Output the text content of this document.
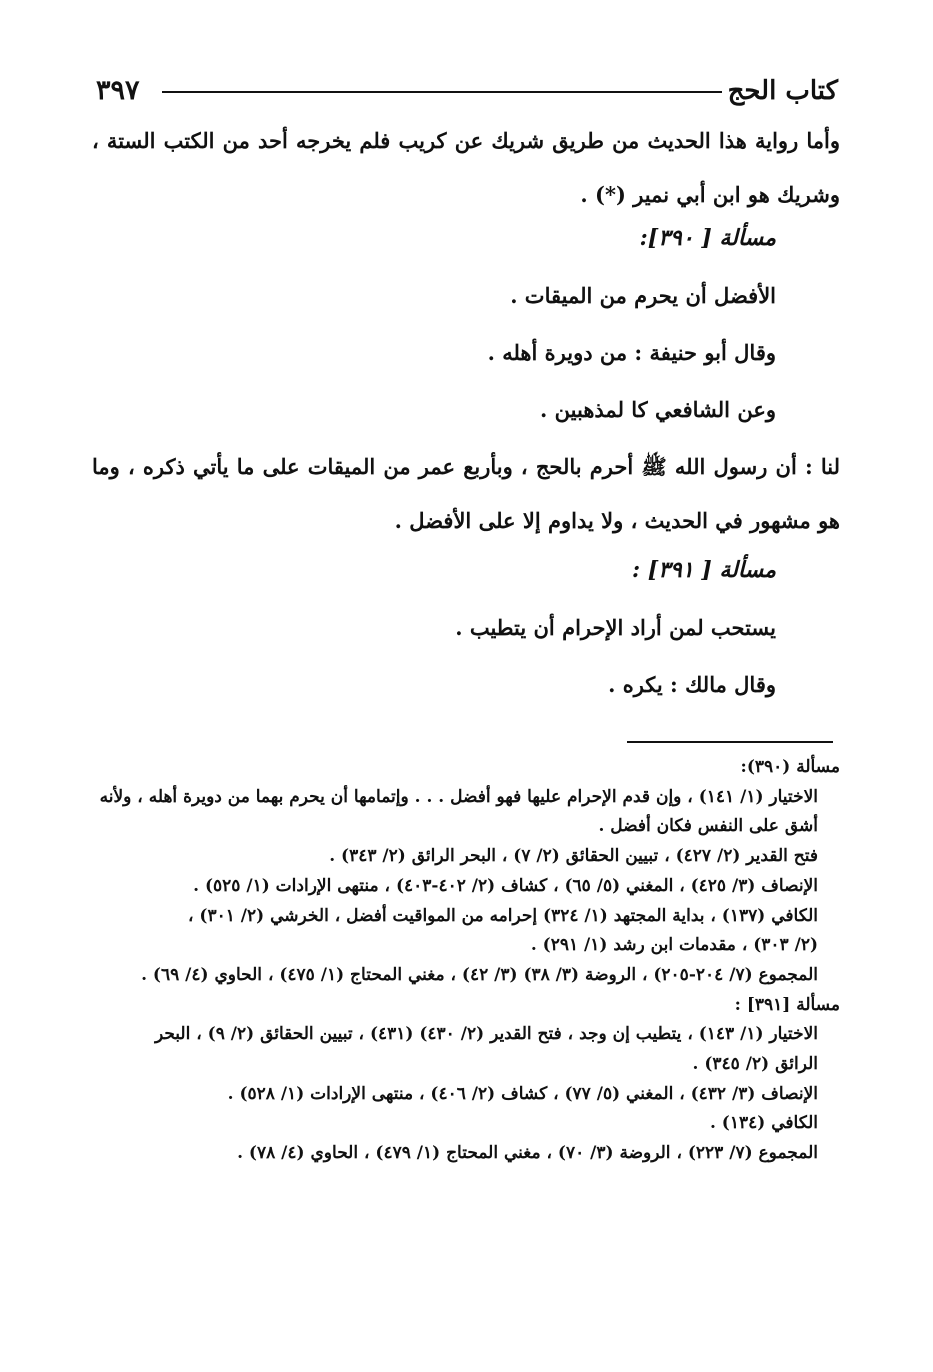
كتاب الحج
٣٩٧

وأما رواية هذا الحديث من طريق شريك عن كريب فلم يخرجه أحد من الكتب الستة ، وشريك هو ابن أبي نمير (*) .

مسألة [ ٣٩٠]:

الأفضل أن يحرم من الميقات .

وقال أبو حنيفة : من دويرة أهله .

وعن الشافعي كا لمذهبين .

لنا : أن رسول الله ﷺ أحرم بالحج ، وبأربع عمر من الميقات على ما يأتي ذكره ، وما هو مشهور في الحديث ، ولا يداوم إلا على الأفضل .

مسألة [ ٣٩١] :

يستحب لمن أراد الإحرام أن يتطيب .

وقال مالك : يكره .

مسألة (٣٩٠):

الاختيار (١/ ١٤١) ، وإن قدم الإحرام عليها فهو أفضل . . . وإتمامها أن يحرم بهما من دويرة أهله ، ولأنه

أشق على النفس فكان أفضل .

فتح القدير (٢/ ٤٢٧) ، تبيين الحقائق (٢/ ٧) ، البحر الرائق (٢/ ٣٤٣) .

الإنصاف (٣/ ٤٢٥) ، المغني (٥/ ٦٥) ، كشاف (٢/ ٤٠٢-٤٠٣) ، منتهى الإرادات (١/ ٥٢٥) .

الكافي (١٣٧) ، بداية المجتهد (١/ ٣٢٤) إحرامه من المواقيت أفضل ، الخرشي (٢/ ٣٠١) ،

(٢/ ٣٠٣) ، مقدمات ابن رشد (١/ ٢٩١) .

المجموع (٧/ ٢٠٤-٢٠٥) ، الروضة (٣/ ٣٨) (٣/ ٤٢) ، مغني المحتاج (١/ ٤٧٥) ، الحاوي (٤/ ٦٩) .

مسألة [٣٩١] :

الاختيار (١/ ١٤٣) ، يتطيب إن وجد ، فتح القدير (٢/ ٤٣٠) (٤٣١) ، تبيين الحقائق (٢/ ٩) ، البحر

الرائق (٢/ ٣٤٥) .

الإنصاف (٣/ ٤٣٢) ، المغني (٥/ ٧٧) ، كشاف (٢/ ٤٠٦) ، منتهى الإرادات (١/ ٥٢٨) .

الكافي (١٣٤) .

المجموع (٧/ ٢٢٣) ، الروضة (٣/ ٧٠) ، مغني المحتاج (١/ ٤٧٩) ، الحاوي (٤/ ٧٨) .
